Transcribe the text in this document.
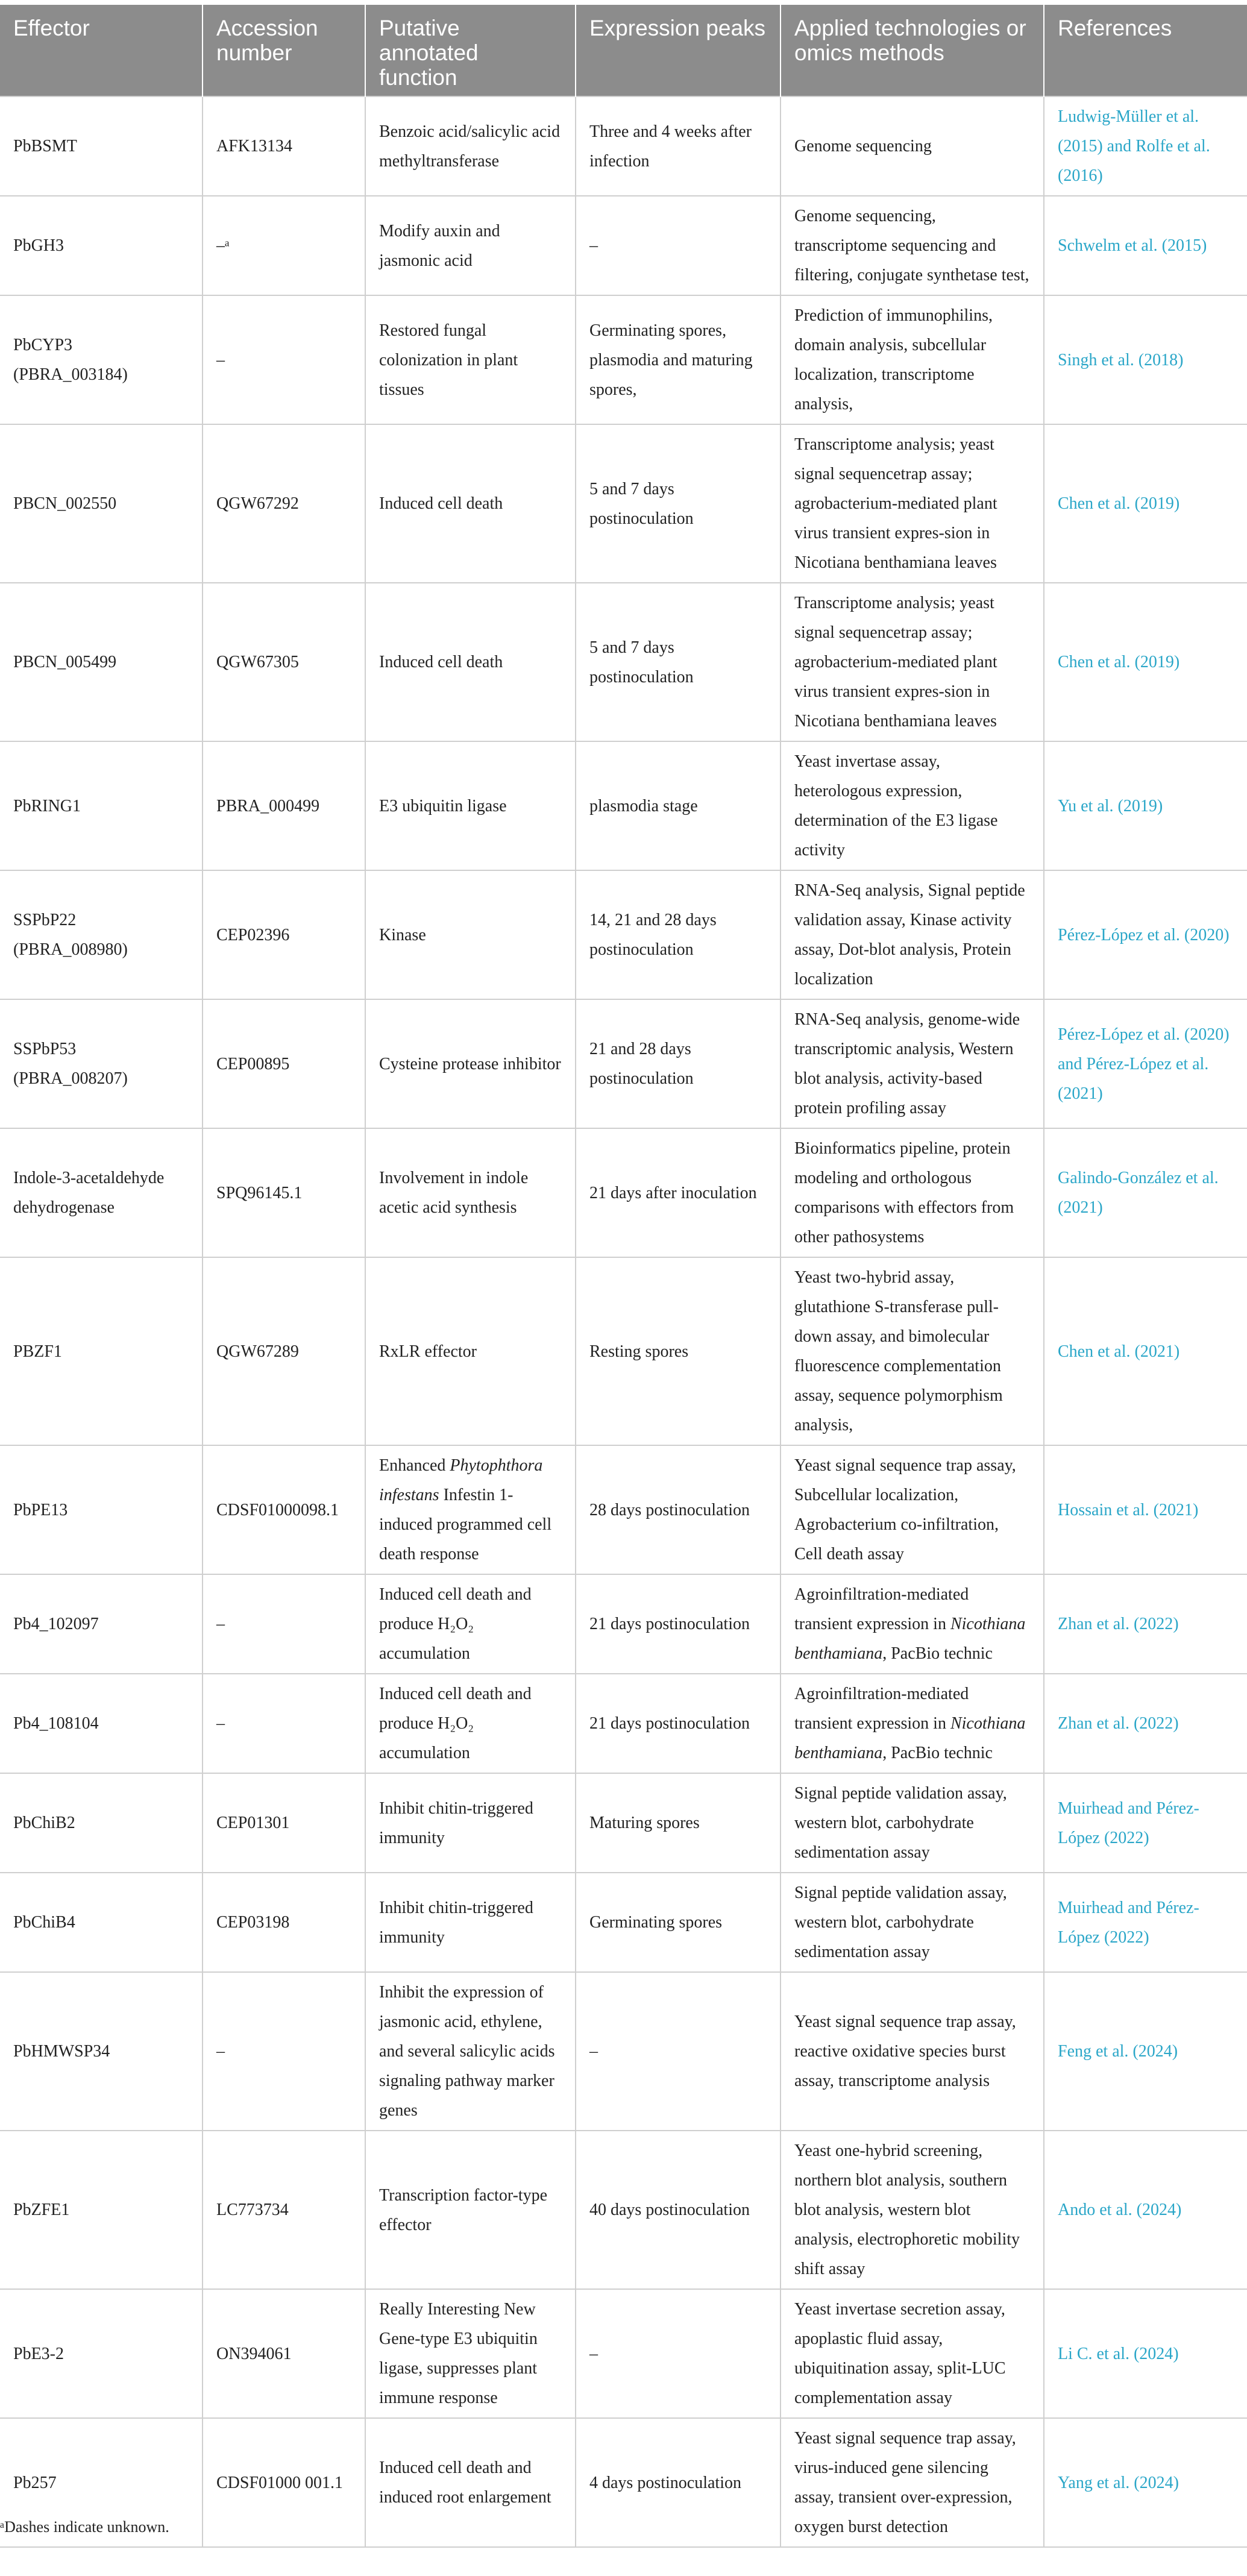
Effector	Accession number	Putative annotated function	Expression peaks	Applied technologies or omics methods	References
PbBSMT	AFK13134	Benzoic acid/salicylic acid methyltransferase	Three and 4 weeks after infection	Genome sequencing	Ludwig-Müller et al. (2015) and Rolfe et al. (2016)
PbGH3	–ᵃ	Modify auxin and jasmonic acid	–	Genome sequencing, transcriptome sequencing and filtering, conjugate synthetase test,	Schwelm et al. (2015)
PbCYP3 (PBRA_003184)	–	Restored fungal colonization in plant tissues	Germinating spores, plasmodia and maturing spores,	Prediction of immunophilins, domain analysis, subcellular localization, transcriptome analysis,	Singh et al. (2018)
PBCN_002550	QGW67292	Induced cell death	5 and 7 days postinoculation	Transcriptome analysis; yeast signal sequencetrap assay; agrobacterium-mediated plant virus transient expres-sion in Nicotiana benthamiana leaves	Chen et al. (2019)
PBCN_005499	QGW67305	Induced cell death	5 and 7 days postinoculation	Transcriptome analysis; yeast signal sequencetrap assay; agrobacterium-mediated plant virus transient expres-sion in Nicotiana benthamiana leaves	Chen et al. (2019)
PbRING1	PBRA_000499	E3 ubiquitin ligase	plasmodia stage	Yeast invertase assay, heterologous expression, determination of the E3 ligase activity	Yu et al. (2019)
SSPbP22 (PBRA_008980)	CEP02396	Kinase	14, 21 and 28 days postinoculation	RNA-Seq analysis, Signal peptide validation assay, Kinase activity assay, Dot-blot analysis, Protein localization	Pérez-López et al. (2020)
SSPbP53 (PBRA_008207)	CEP00895	Cysteine protease inhibitor	21 and 28 days postinoculation	RNA-Seq analysis, genome-wide transcriptomic analysis, Western blot analysis, activity-based protein profiling assay	Pérez-López et al. (2020) and Pérez-López et al. (2021)
Indole-3-acetaldehyde dehydrogenase	SPQ96145.1	Involvement in indole acetic acid synthesis	21 days after inoculation	Bioinformatics pipeline, protein modeling and orthologous comparisons with effectors from other pathosystems	Galindo-González et al. (2021)
PBZF1	QGW67289	RxLR effector	Resting spores	Yeast two-hybrid assay, glutathione S-transferase pull-down assay, and bimolecular fluorescence complementation assay, sequence polymorphism analysis,	Chen et al. (2021)
PbPE13	CDSF01000098.1	Enhanced Phytophthora infestans Infestin 1-induced programmed cell death response	28 days postinoculation	Yeast signal sequence trap assay, Subcellular localization, Agrobacterium co-infiltration, Cell death assay	Hossain et al. (2021)
Pb4_102097	–	Induced cell death and produce H₂O₂ accumulation	21 days postinoculation	Agroinfiltration-mediated transient expression in Nicothiana benthamiana, PacBio technic	Zhan et al. (2022)
Pb4_108104	–	Induced cell death and produce H₂O₂ accumulation	21 days postinoculation	Agroinfiltration-mediated transient expression in Nicothiana benthamiana, PacBio technic	Zhan et al. (2022)
PbChiB2	CEP01301	Inhibit chitin-triggered immunity	Maturing spores	Signal peptide validation assay, western blot, carbohydrate sedimentation assay	Muirhead and Pérez-López (2022)
PbChiB4	CEP03198	Inhibit chitin-triggered immunity	Germinating spores	Signal peptide validation assay, western blot, carbohydrate sedimentation assay	Muirhead and Pérez-López (2022)
PbHMWSP34	–	Inhibit the expression of jasmonic acid, ethylene, and several salicylic acids signaling pathway marker genes	–	Yeast signal sequence trap assay, reactive oxidative species burst assay, transcriptome analysis	Feng et al. (2024)
PbZFE1	LC773734	Transcription factor-type effector	40 days postinoculation	Yeast one-hybrid screening, northern blot analysis, southern blot analysis, western blot analysis, electrophoretic mobility shift assay	Ando et al. (2024)
PbE3-2	ON394061	Really Interesting New Gene-type E3 ubiquitin ligase, suppresses plant immune response	–	Yeast invertase secretion assay, apoplastic fluid assay, ubiquitination assay, split-LUC complementation assay	Li C. et al. (2024)
Pb257	CDSF01000 001.1	Induced cell death and induced root enlargement	4 days postinoculation	Yeast signal sequence trap assay, virus-induced gene silencing assay, transient over-expression, oxygen burst detection	Yang et al. (2024)
ᵃDashes indicate unknown.
